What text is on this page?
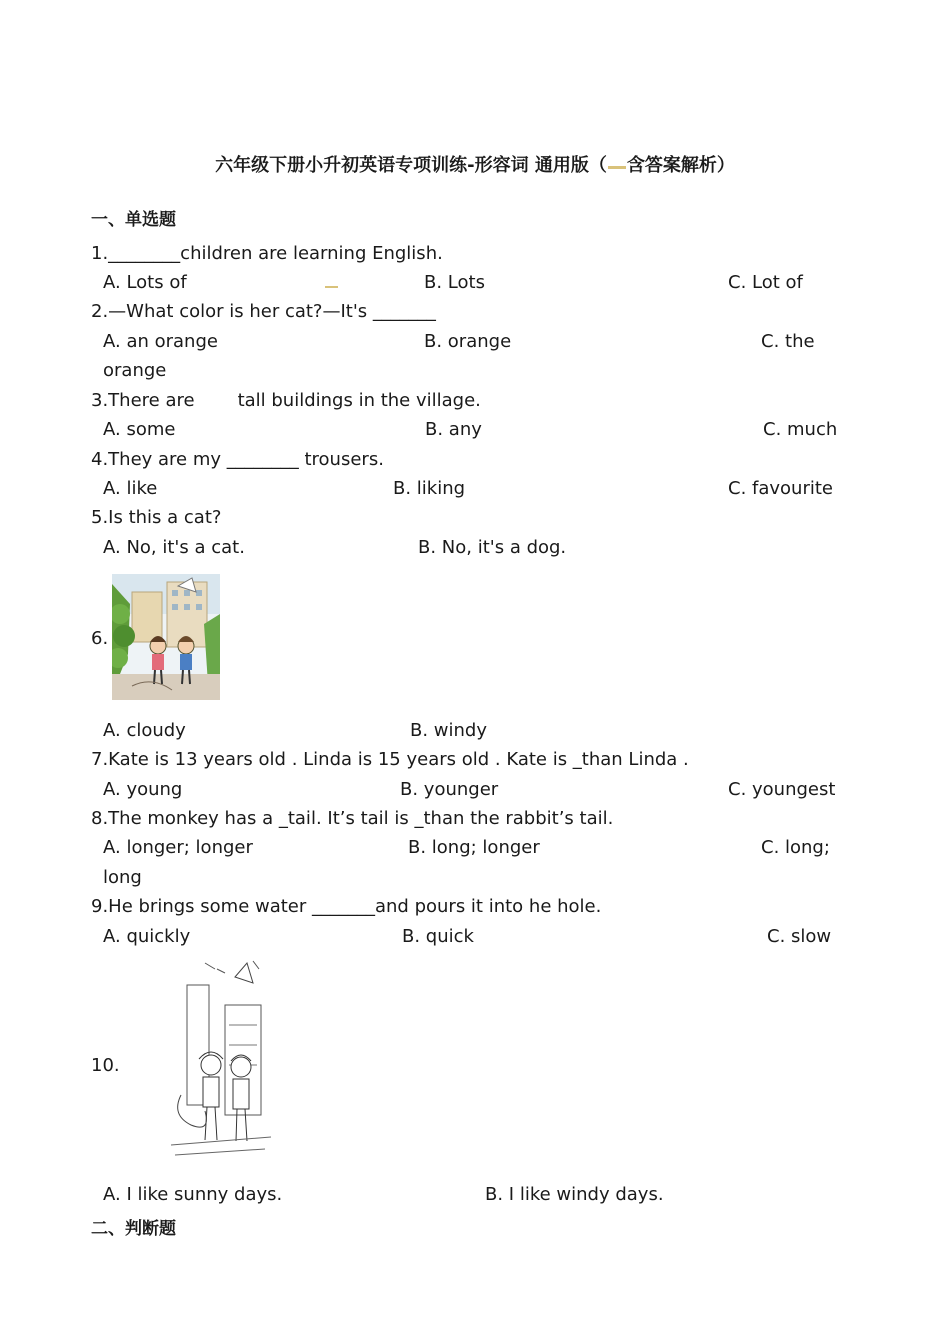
六年级下册小升初英语专项训练-形容词 通用版（ 含答案解析）
一、单选题
1.________children are learning English.
A. Lots of	B. Lots	C. Lot of
2.—What color is her cat?—It's _______
A. an orange	B. orange	C. the
orange
3.There are tall buildings in the village.
A. some	B. any	C. much
4.They are my ________ trousers.
A. like	B. liking	C. favourite
5.Is this a cat?
A. No, it's a cat.	B. No, it's a dog.
6.
A. cloudy	B. windy
7.Kate is 13 years old . Linda is 15 years old . Kate is _than Linda .
A. young	B. younger	C. youngest
8.The monkey has a _tail. It’s tail is _than the rabbit’s tail.
A. longer; longer	B. long; longer	C. long;
long
9.He brings some water _______and pours it into he hole.
A. quickly	B. quick	C. slow
10.
A. I like sunny days.	B. I like windy days.
二、判断题
